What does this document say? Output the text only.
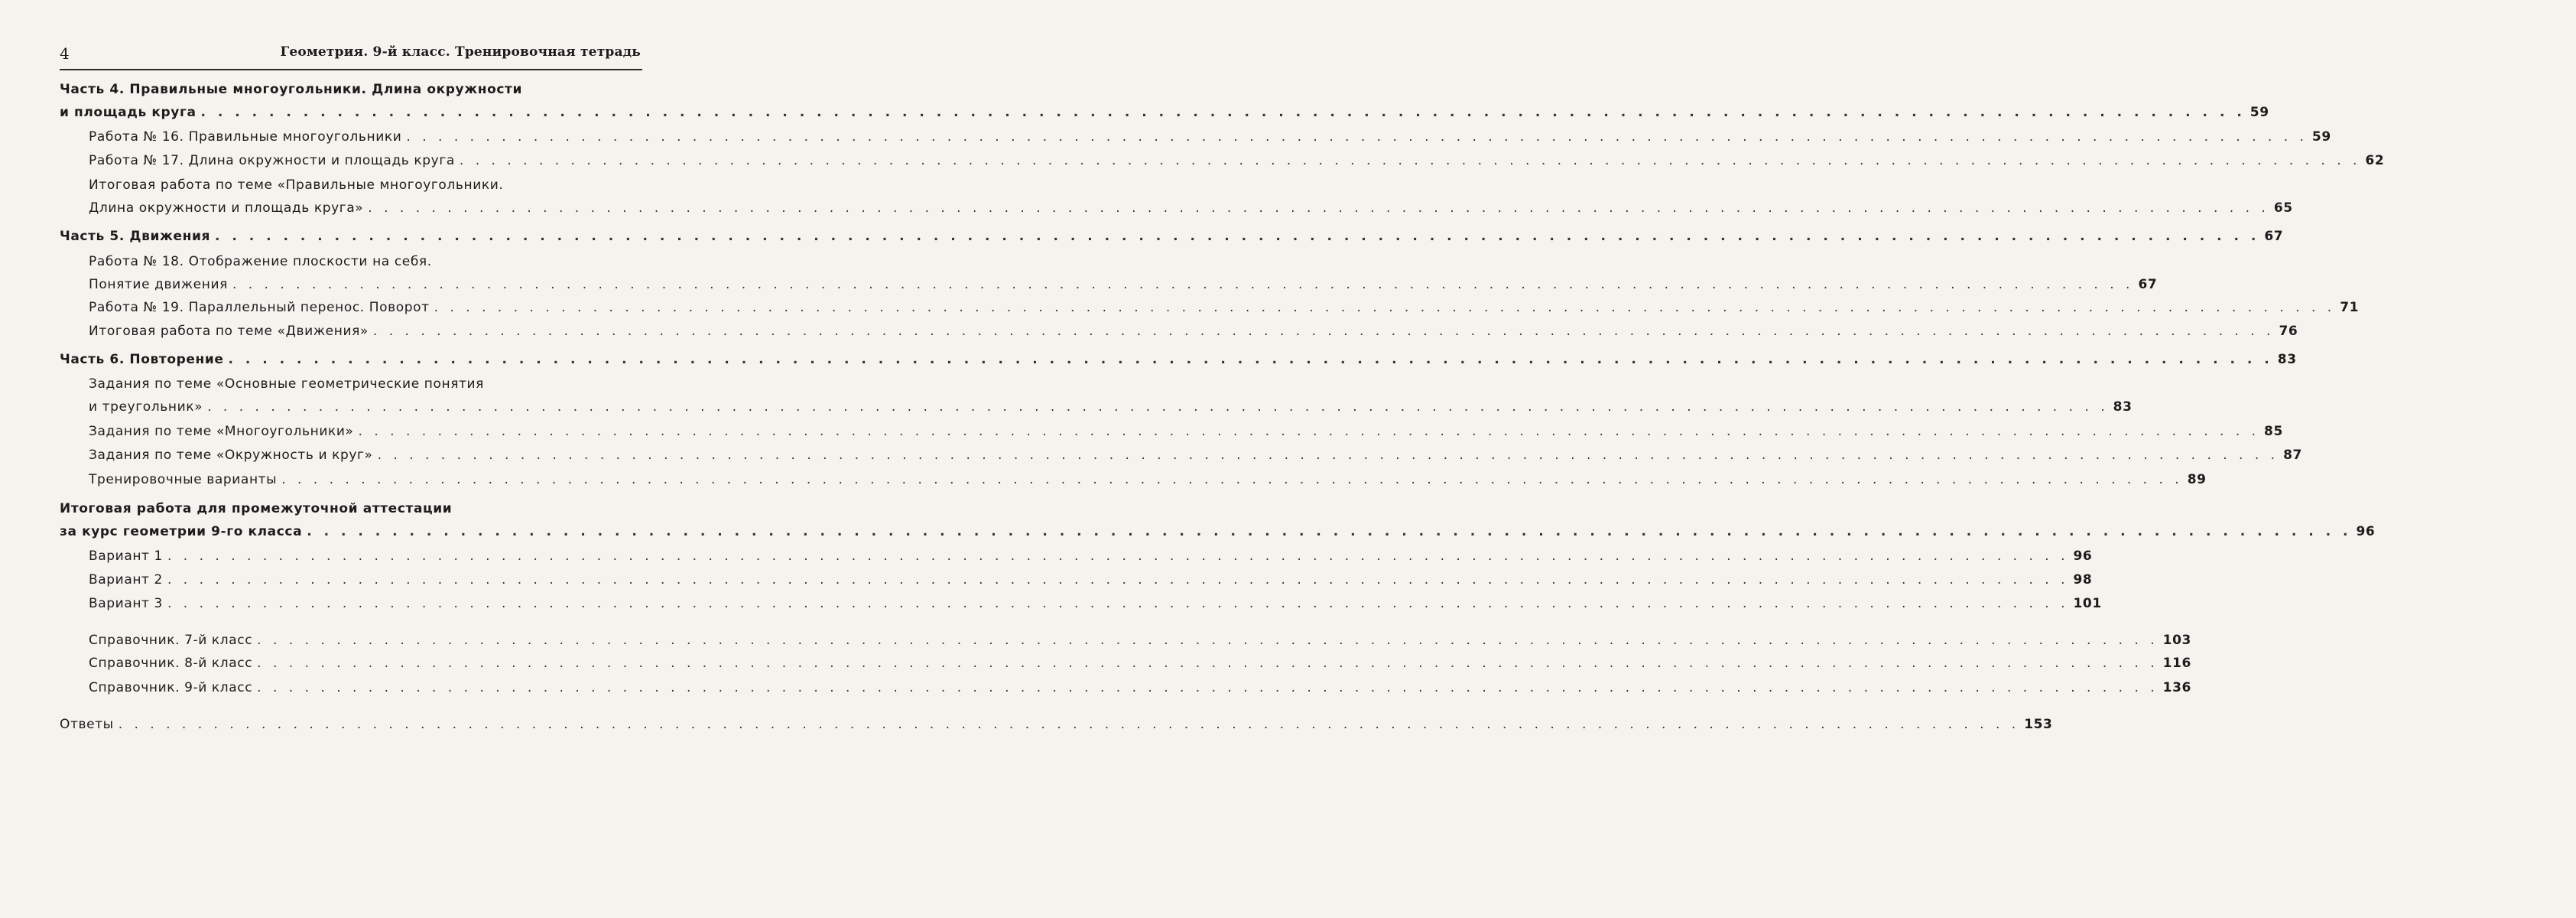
4	Геометрия. 9-й класс. Тренировочная тетрадь
Часть 4. Правильные многоугольники. Длина окружности
и площадь круга . . . . . . . . . . . . . . . . . . . . . . . . . . . . . . . . . . . . . . . . . . . . . . . . . . . . . . . . . . . . . . . . . . . . . . . . . . . . . . . . . . . . . . . . . . . . . . . . . . . . . . . . . . . . . . . . . . . . . . . . 59
Работа № 16. Правильные многоугольники . . . . . . . . . . . . . . . . . . . . . . . . . . . . . . . . . . . . . . . . . . . . . . . . . . . . . . . . . . . . . . . . . . . . . . . . . . . . . . . . . . . . . . . . . . . . . . . . . . . . . . . . . . . . . . . . . . . . . . . . 59
Работа № 17. Длина окружности и площадь круга . . . . . . . . . . . . . . . . . . . . . . . . . . . . . . . . . . . . . . . . . . . . . . . . . . . . . . . . . . . . . . . . . . . . . . . . . . . . . . . . . . . . . . . . . . . . . . . . . . . . . . . . . . . . . . . . . . . . . . . . 62
Итоговая работа по теме «Правильные многоугольники.
Длина окружности и площадь круга» . . . . . . . . . . . . . . . . . . . . . . . . . . . . . . . . . . . . . . . . . . . . . . . . . . . . . . . . . . . . . . . . . . . . . . . . . . . . . . . . . . . . . . . . . . . . . . . . . . . . . . . . . . . . . . . . . . . . . . . . 65
Часть 5. Движения . . . . . . . . . . . . . . . . . . . . . . . . . . . . . . . . . . . . . . . . . . . . . . . . . . . . . . . . . . . . . . . . . . . . . . . . . . . . . . . . . . . . . . . . . . . . . . . . . . . . . . . . . . . . . . . . . . . . . . . . 67
Работа № 18. Отображение плоскости на себя.
Понятие движения . . . . . . . . . . . . . . . . . . . . . . . . . . . . . . . . . . . . . . . . . . . . . . . . . . . . . . . . . . . . . . . . . . . . . . . . . . . . . . . . . . . . . . . . . . . . . . . . . . . . . . . . . . . . . . . . . . . . . . . . 67
Работа № 19. Параллельный перенос. Поворот . . . . . . . . . . . . . . . . . . . . . . . . . . . . . . . . . . . . . . . . . . . . . . . . . . . . . . . . . . . . . . . . . . . . . . . . . . . . . . . . . . . . . . . . . . . . . . . . . . . . . . . . . . . . . . . . . . . . . . . . 71
Итоговая работа по теме «Движения» . . . . . . . . . . . . . . . . . . . . . . . . . . . . . . . . . . . . . . . . . . . . . . . . . . . . . . . . . . . . . . . . . . . . . . . . . . . . . . . . . . . . . . . . . . . . . . . . . . . . . . . . . . . . . . . . . . . . . . . . 76
Часть 6. Повторение . . . . . . . . . . . . . . . . . . . . . . . . . . . . . . . . . . . . . . . . . . . . . . . . . . . . . . . . . . . . . . . . . . . . . . . . . . . . . . . . . . . . . . . . . . . . . . . . . . . . . . . . . . . . . . . . . . . . . . . . 83
Задания по теме «Основные геометрические понятия
и треугольник» . . . . . . . . . . . . . . . . . . . . . . . . . . . . . . . . . . . . . . . . . . . . . . . . . . . . . . . . . . . . . . . . . . . . . . . . . . . . . . . . . . . . . . . . . . . . . . . . . . . . . . . . . . . . . . . . . . . . . . . . 83
Задания по теме «Многоугольники» . . . . . . . . . . . . . . . . . . . . . . . . . . . . . . . . . . . . . . . . . . . . . . . . . . . . . . . . . . . . . . . . . . . . . . . . . . . . . . . . . . . . . . . . . . . . . . . . . . . . . . . . . . . . . . . . . . . . . . . . 85
Задания по теме «Окружность и круг» . . . . . . . . . . . . . . . . . . . . . . . . . . . . . . . . . . . . . . . . . . . . . . . . . . . . . . . . . . . . . . . . . . . . . . . . . . . . . . . . . . . . . . . . . . . . . . . . . . . . . . . . . . . . . . . . . . . . . . . . 87
Тренировочные варианты . . . . . . . . . . . . . . . . . . . . . . . . . . . . . . . . . . . . . . . . . . . . . . . . . . . . . . . . . . . . . . . . . . . . . . . . . . . . . . . . . . . . . . . . . . . . . . . . . . . . . . . . . . . . . . . . . . . . . . . . 89
Итоговая работа для промежуточной аттестации
за курс геометрии 9-го класса . . . . . . . . . . . . . . . . . . . . . . . . . . . . . . . . . . . . . . . . . . . . . . . . . . . . . . . . . . . . . . . . . . . . . . . . . . . . . . . . . . . . . . . . . . . . . . . . . . . . . . . . . . . . . . . . . . . . . . . . 96
Вариант 1 . . . . . . . . . . . . . . . . . . . . . . . . . . . . . . . . . . . . . . . . . . . . . . . . . . . . . . . . . . . . . . . . . . . . . . . . . . . . . . . . . . . . . . . . . . . . . . . . . . . . . . . . . . . . . . . . . . . . . . . . 96
Вариант 2 . . . . . . . . . . . . . . . . . . . . . . . . . . . . . . . . . . . . . . . . . . . . . . . . . . . . . . . . . . . . . . . . . . . . . . . . . . . . . . . . . . . . . . . . . . . . . . . . . . . . . . . . . . . . . . . . . . . . . . . . 98
Вариант 3 . . . . . . . . . . . . . . . . . . . . . . . . . . . . . . . . . . . . . . . . . . . . . . . . . . . . . . . . . . . . . . . . . . . . . . . . . . . . . . . . . . . . . . . . . . . . . . . . . . . . . . . . . . . . . . . . . . . . . . . . 101
Справочник. 7-й класс . . . . . . . . . . . . . . . . . . . . . . . . . . . . . . . . . . . . . . . . . . . . . . . . . . . . . . . . . . . . . . . . . . . . . . . . . . . . . . . . . . . . . . . . . . . . . . . . . . . . . . . . . . . . . . . . . . . . . . . . 103
Справочник. 8-й класс . . . . . . . . . . . . . . . . . . . . . . . . . . . . . . . . . . . . . . . . . . . . . . . . . . . . . . . . . . . . . . . . . . . . . . . . . . . . . . . . . . . . . . . . . . . . . . . . . . . . . . . . . . . . . . . . . . . . . . . . 116
Справочник. 9-й класс . . . . . . . . . . . . . . . . . . . . . . . . . . . . . . . . . . . . . . . . . . . . . . . . . . . . . . . . . . . . . . . . . . . . . . . . . . . . . . . . . . . . . . . . . . . . . . . . . . . . . . . . . . . . . . . . . . . . . . . . 136
Ответы . . . . . . . . . . . . . . . . . . . . . . . . . . . . . . . . . . . . . . . . . . . . . . . . . . . . . . . . . . . . . . . . . . . . . . . . . . . . . . . . . . . . . . . . . . . . . . . . . . . . . . . . . . . . . . . . . . . . . . . . 153
